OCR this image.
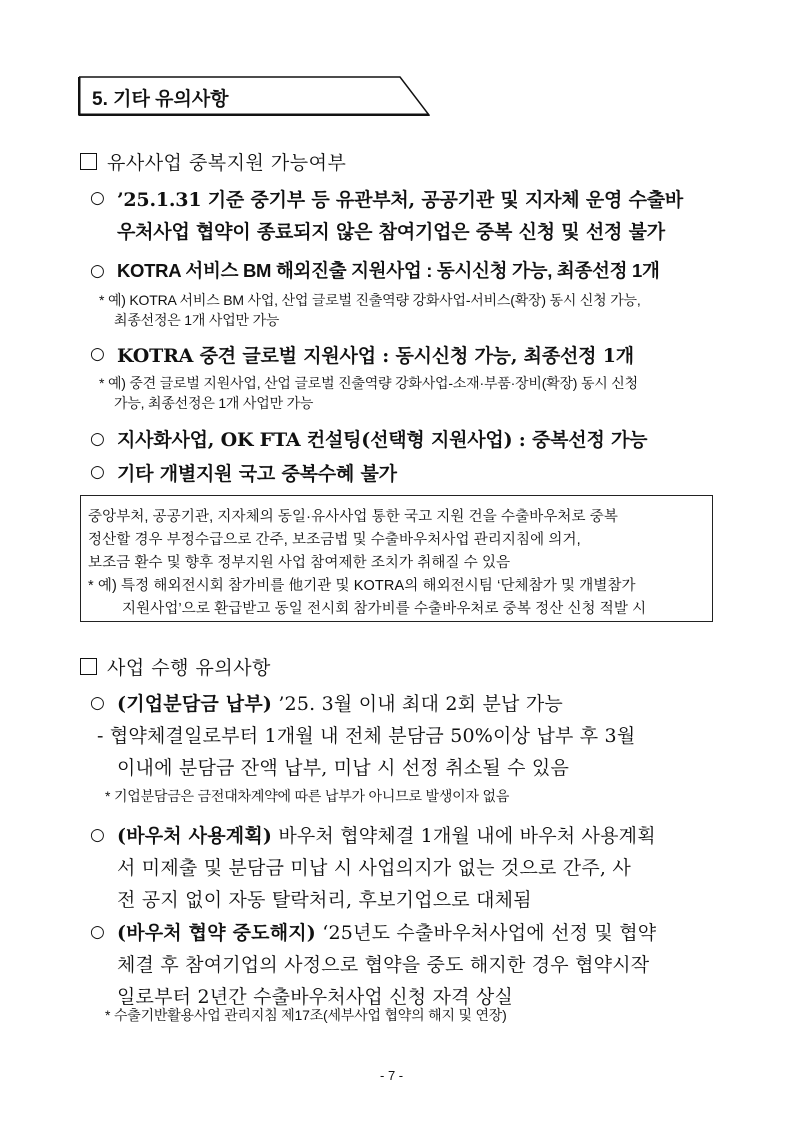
5. 기타 유의사항
유사사업 중복지원 가능여부
○ ’25.1.31 기준 중기부 등 유관부처, 공공기관 및 지자체 운영 수출바
우처사업 협약이 종료되지 않은 참여기업은 중복 신청 및 선정 불가
○ KOTRA 서비스 BM 해외진출 지원사업 : 동시신청 가능, 최종선정 1개
* 예) KOTRA 서비스 BM 사업, 산업 글로벌 진출역량 강화사업-서비스(확장) 동시 신청 가능,
최종선정은 1개 사업만 가능
○ KOTRA 중견 글로벌 지원사업 : 동시신청 가능, 최종선정 1개
* 예) 중견 글로벌 지원사업, 산업 글로벌 진출역량 강화사업-소재·부품·장비(확장) 동시 신청
가능, 최종선정은 1개 사업만 가능
○ 지사화사업, OK FTA 컨설팅(선택형 지원사업) : 중복선정 가능
○ 기타 개별지원 국고 중복수혜 불가
중앙부처, 공공기관, 지자체의 동일·유사사업 통한 국고 지원 건을 수출바우처로 중복
정산할 경우 부정수급으로 간주, 보조금법 및 수출바우처사업 관리지침에 의거,
보조금 환수 및 향후 정부지원 사업 참여제한 조치가 취해질 수 있음
* 예) 특정 해외전시회 참가비를 他기관 및 KOTRA의 해외전시팀 ‘단체참가 및 개별참가
지원사업’으로 환급받고 동일 전시회 참가비를 수출바우처로 중복 정산 신청 적발 시
사업 수행 유의사항
○ (기업분담금 납부) ’25. 3월 이내 최대 2회 분납 가능
- 협약체결일로부터 1개월 내 전체 분담금 50%이상 납부 후 3월
이내에 분담금 잔액 납부, 미납 시 선정 취소될 수 있음
* 기업분담금은 금전대차계약에 따른 납부가 아니므로 발생이자 없음
○ (바우처 사용계획) 바우처 협약체결 1개월 내에 바우처 사용계획
서 미제출 및 분담금 미납 시 사업의지가 없는 것으로 간주, 사
전 공지 없이 자동 탈락처리, 후보기업으로 대체됨
○ (바우처 협약 중도해지) ‘25년도 수출바우처사업에 선정 및 협약
체결 후 참여기업의 사정으로 협약을 중도 해지한 경우 협약시작
일로부터 2년간 수출바우처사업 신청 자격 상실
* 수출기반활용사업 관리지침 제17조(세부사업 협약의 해지 및 연장)
- 7 -
